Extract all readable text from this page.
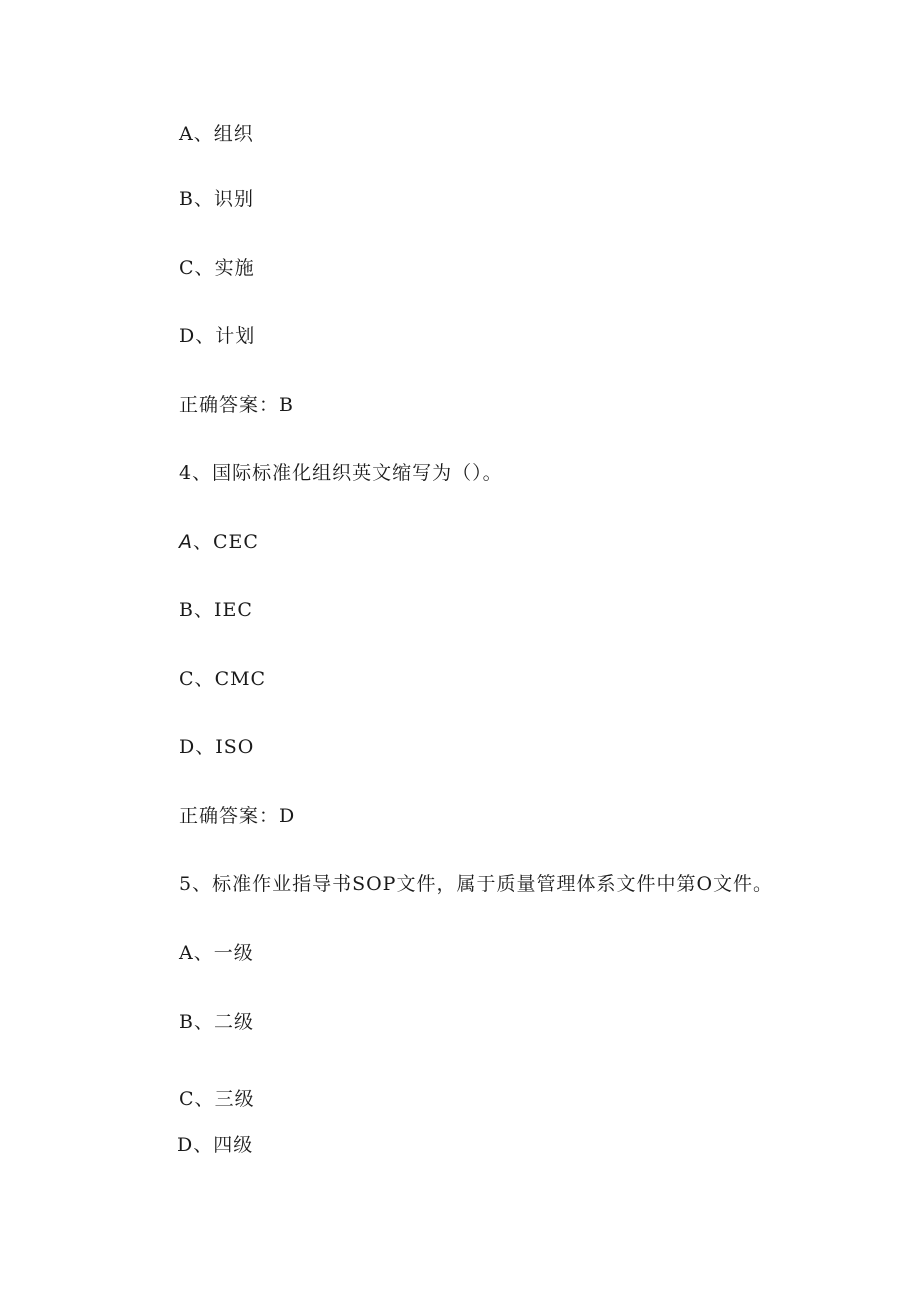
A、组织
B、识别
C、实施
D、计划
正确答案：B
4、国际标准化组织英文缩写为（）。
A、CEC
B、IEC
C、CMC
D、ISO
正确答案：D
5、标准作业指导书SOP文件，属于质量管理体系文件中第O文件。
A、一级
B、二级
C、三级
D、四级
